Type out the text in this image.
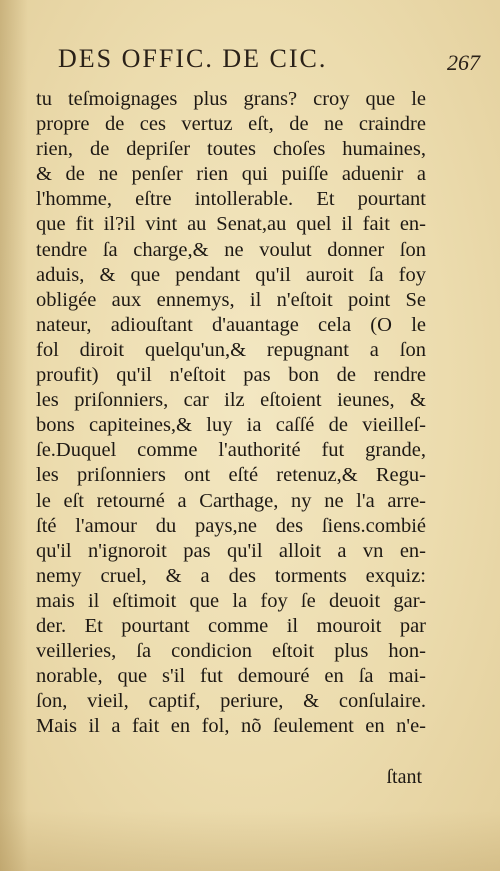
DES OFFIC. DE CIC.	267
tu teſmoignages plus grans? croy que le
propre de ces vertuz eſt, de ne craindre
rien, de depriſer toutes choſes humaines,
& de ne penſer rien qui puiſſe aduenir a
l'homme, eſtre intollerable. Et pourtant
que fit il?il vint au Senat,au quel il fait en-
tendre ſa charge,& ne voulut donner ſon
aduis, & que pendant qu'il auroit ſa foy
obligée aux ennemys, il n'eſtoit point Se
nateur, adiouſtant d'auantage cela (O le
fol diroit quelqu'un,& repugnant a ſon
proufit) qu'il n'eſtoit pas bon de rendre
les priſonniers, car ilz eſtoient ieunes, &
bons capiteines,& luy ia caſſé de vieilleſ-
ſe.Duquel comme l'authorité fut grande,
les priſonniers ont eſté retenuz,& Regu-
le eſt retourné a Carthage, ny ne l'a arre-
ſté l'amour du pays,ne des ſiens.combié
qu'il n'ignoroit pas qu'il alloit a vn en-
nemy cruel, & a des torments exquiz:
mais il eſtimoit que la foy ſe deuoit gar-
der. Et pourtant comme il mouroit par
veilleries, ſa condicion eſtoit plus hon-
norable, que s'il fut demouré en ſa mai-
ſon, vieil, captif, periure, & conſulaire.
Mais il a fait en fol, nõ ſeulement en n'e-
ſtant
